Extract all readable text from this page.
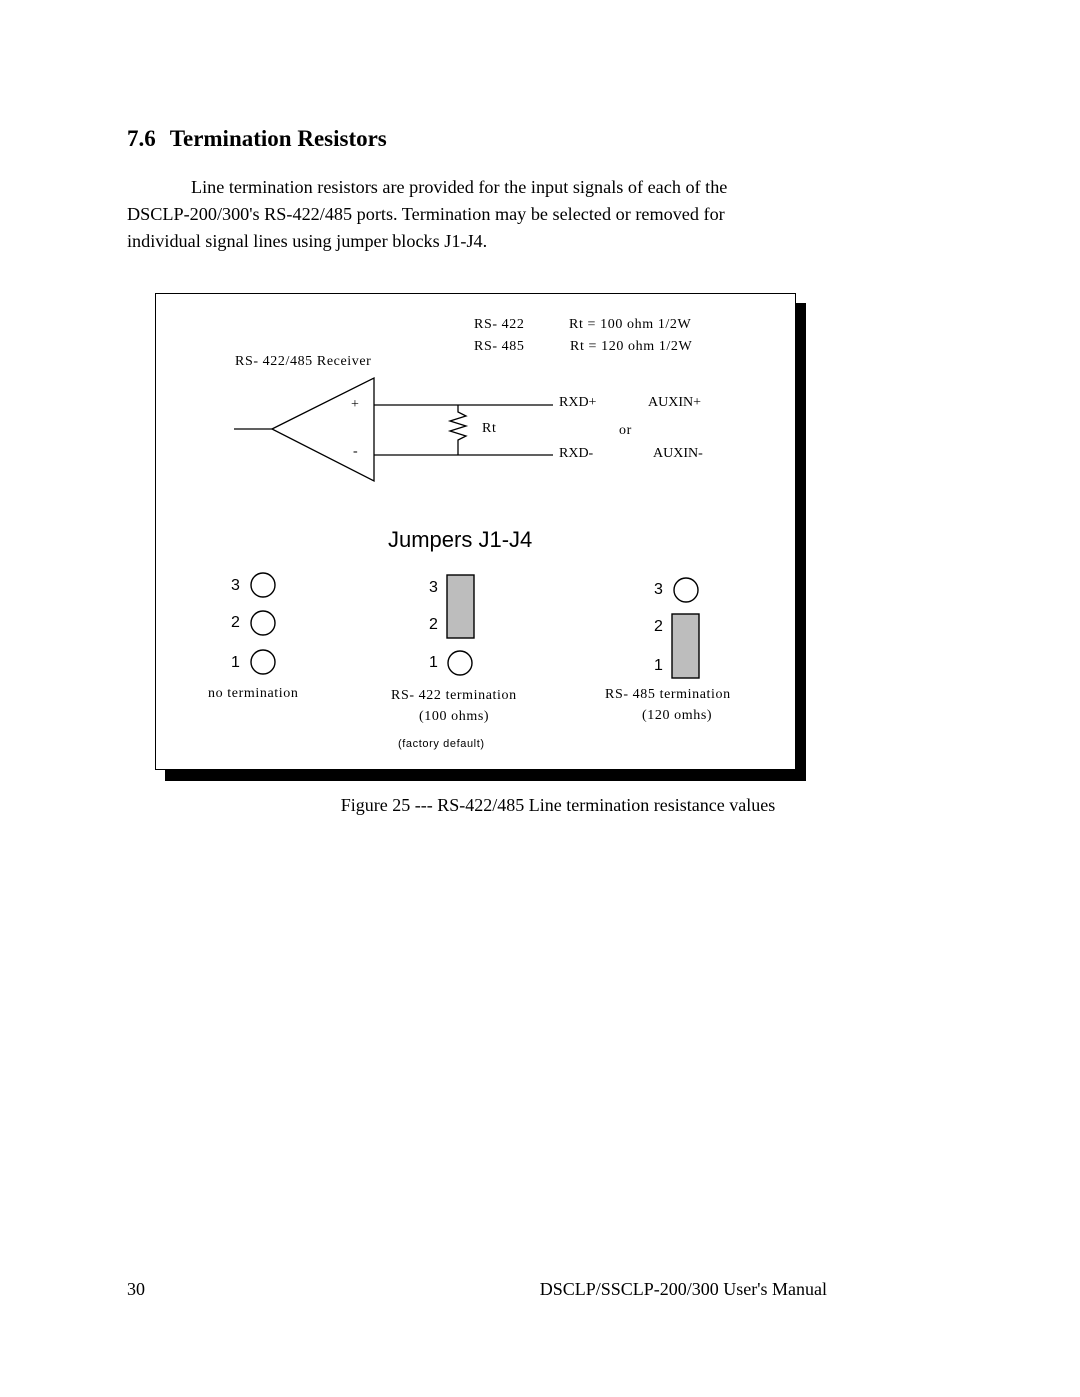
7.6 Termination Resistors

Line termination resistors are provided for the input signals of each of the
DSCLP-200/300's RS-422/485 ports. Termination may be selected or removed for
individual signal lines using jumper blocks J1-J4.

RS- 422	Rt = 100 ohm 1/2W
RS- 485	Rt = 120 ohm 1/2W
RS- 422/485 Receiver
+
-
Rt
RXD+	AUXIN+
or
RXD-	AUXIN-
Jumpers J1-J4
3
2
1
3
2
1
3
2
1
no termination	RS- 422 termination
(100 ohms)
(factory default)
RS- 485 termination
(120 omhs)
Figure 25 --- RS-422/485 Line termination resistance values
30	DSCLP/SSCLP-200/300 User's Manual
